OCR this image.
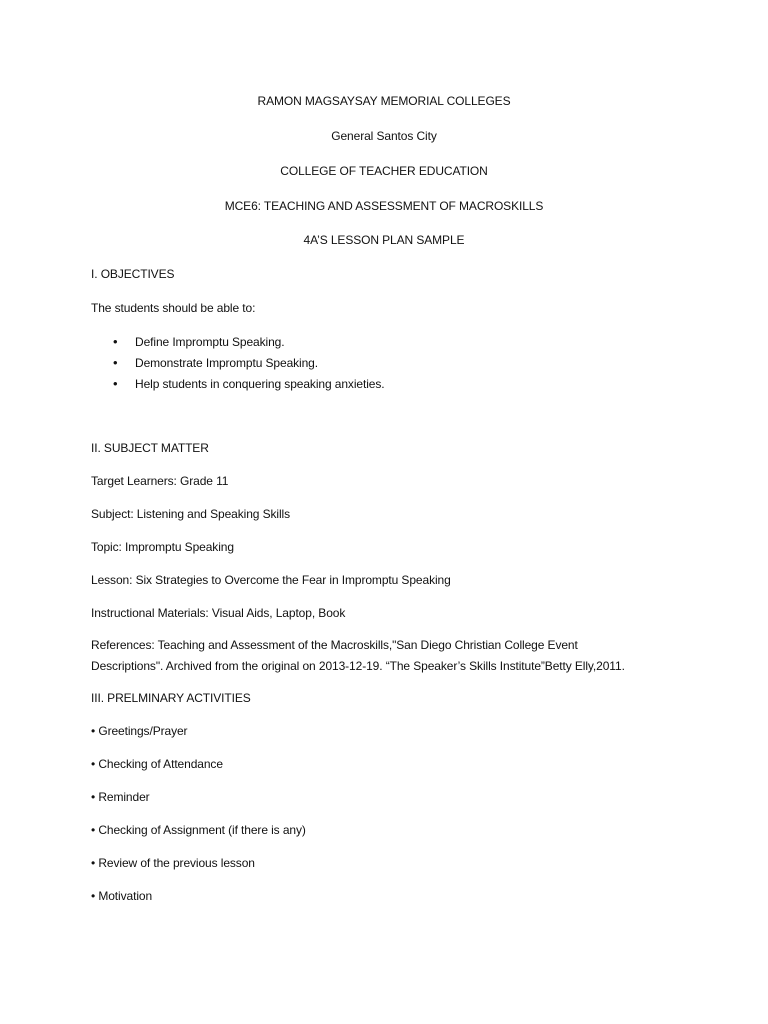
RAMON MAGSAYSAY MEMORIAL COLLEGES
General Santos City
COLLEGE OF TEACHER EDUCATION
MCE6: TEACHING AND ASSESSMENT OF MACROSKILLS
4A’S LESSON PLAN SAMPLE
I. OBJECTIVES
The students should be able to:
• Define Impromptu Speaking.
• Demonstrate Impromptu Speaking.
• Help students in conquering speaking anxieties.
II. SUBJECT MATTER
Target Learners: Grade 11
Subject: Listening and Speaking Skills
Topic: Impromptu Speaking
Lesson: Six Strategies to Overcome the Fear in Impromptu Speaking
Instructional Materials: Visual Aids, Laptop, Book
References: Teaching and Assessment of the Macroskills,"San Diego Christian College Event
Descriptions". Archived from the original on 2013-12-19. “The Speaker’s Skills Institute”Betty Elly,2011.
III. PRELMINARY ACTIVITIES
• Greetings/Prayer
• Checking of Attendance
• Reminder
• Checking of Assignment (if there is any)
• Review of the previous lesson
• Motivation
